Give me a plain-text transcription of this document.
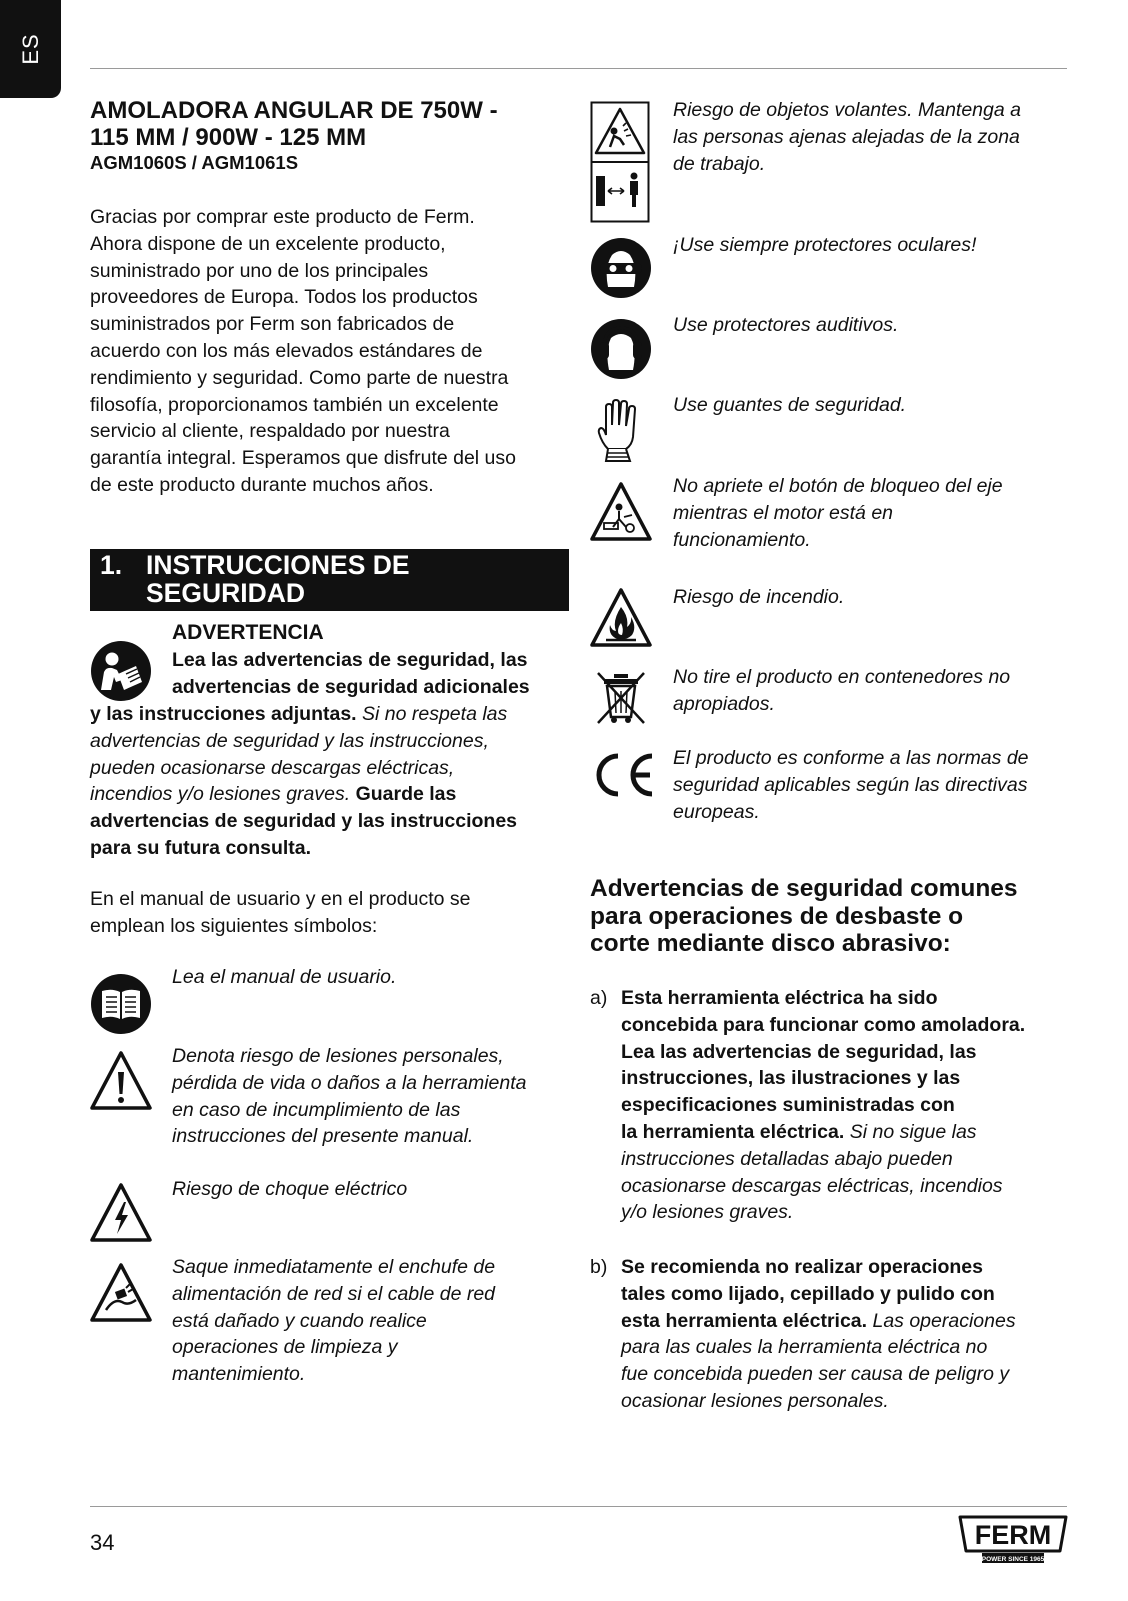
ES
AMOLADORA ANGULAR DE 750W -
115 MM / 900W - 125 MM
AGM1060S / AGM1061S
Gracias por comprar este producto de Ferm.
Ahora dispone de un excelente producto,
suministrado por uno de los principales
proveedores de Europa. Todos los productos
suministrados por Ferm son fabricados de
acuerdo con los más elevados estándares de
rendimiento y seguridad. Como parte de nuestra
filosofía, proporcionamos también un excelente
servicio al cliente, respaldado por nuestra
garantía integral. Esperamos que disfrute del uso
de este producto durante muchos años.
1. INSTRUCCIONES DE
SEGURIDAD
ADVERTENCIA
Lea las advertencias de seguridad, las
advertencias de seguridad adicionales
y las instrucciones adjuntas. Si no respeta las
advertencias de seguridad y las instrucciones,
pueden ocasionarse descargas eléctricas,
incendios y/o lesiones graves. Guarde las
advertencias de seguridad y las instrucciones
para su futura consulta.
En el manual de usuario y en el producto se
emplean los siguientes símbolos:
Lea el manual de usuario.
Denota riesgo de lesiones personales,
pérdida de vida o daños a la herramienta
en caso de incumplimiento de las
instrucciones del presente manual.
Riesgo de choque eléctrico
Saque inmediatamente el enchufe de
alimentación de red si el cable de red
está dañado y cuando realice
operaciones de limpieza y
mantenimiento.
Riesgo de objetos volantes. Mantenga a
las personas ajenas alejadas de la zona
de trabajo.
¡Use siempre protectores oculares!
Use protectores auditivos.
Use guantes de seguridad.
No apriete el botón de bloqueo del eje
mientras el motor está en
funcionamiento.
Riesgo de incendio.
No tire el producto en contenedores no
apropiados.
El producto es conforme a las normas de
seguridad aplicables según las directivas
europeas.
Advertencias de seguridad comunes
para operaciones de desbaste o
corte mediante disco abrasivo:
a) Esta herramienta eléctrica ha sido
concebida para funcionar como amoladora.
Lea las advertencias de seguridad, las
instrucciones, las ilustraciones y las
especificaciones suministradas con
la herramienta eléctrica. Si no sigue las
instrucciones detalladas abajo pueden
ocasionarse descargas eléctricas, incendios
y/o lesiones graves.
b) Se recomienda no realizar operaciones
tales como lijado, cepillado y pulido con
esta herramienta eléctrica. Las operaciones
para las cuales la herramienta eléctrica no
fue concebida pueden ser causa de peligro y
ocasionar lesiones personales.
34	FERM
POWER SINCE 1965
